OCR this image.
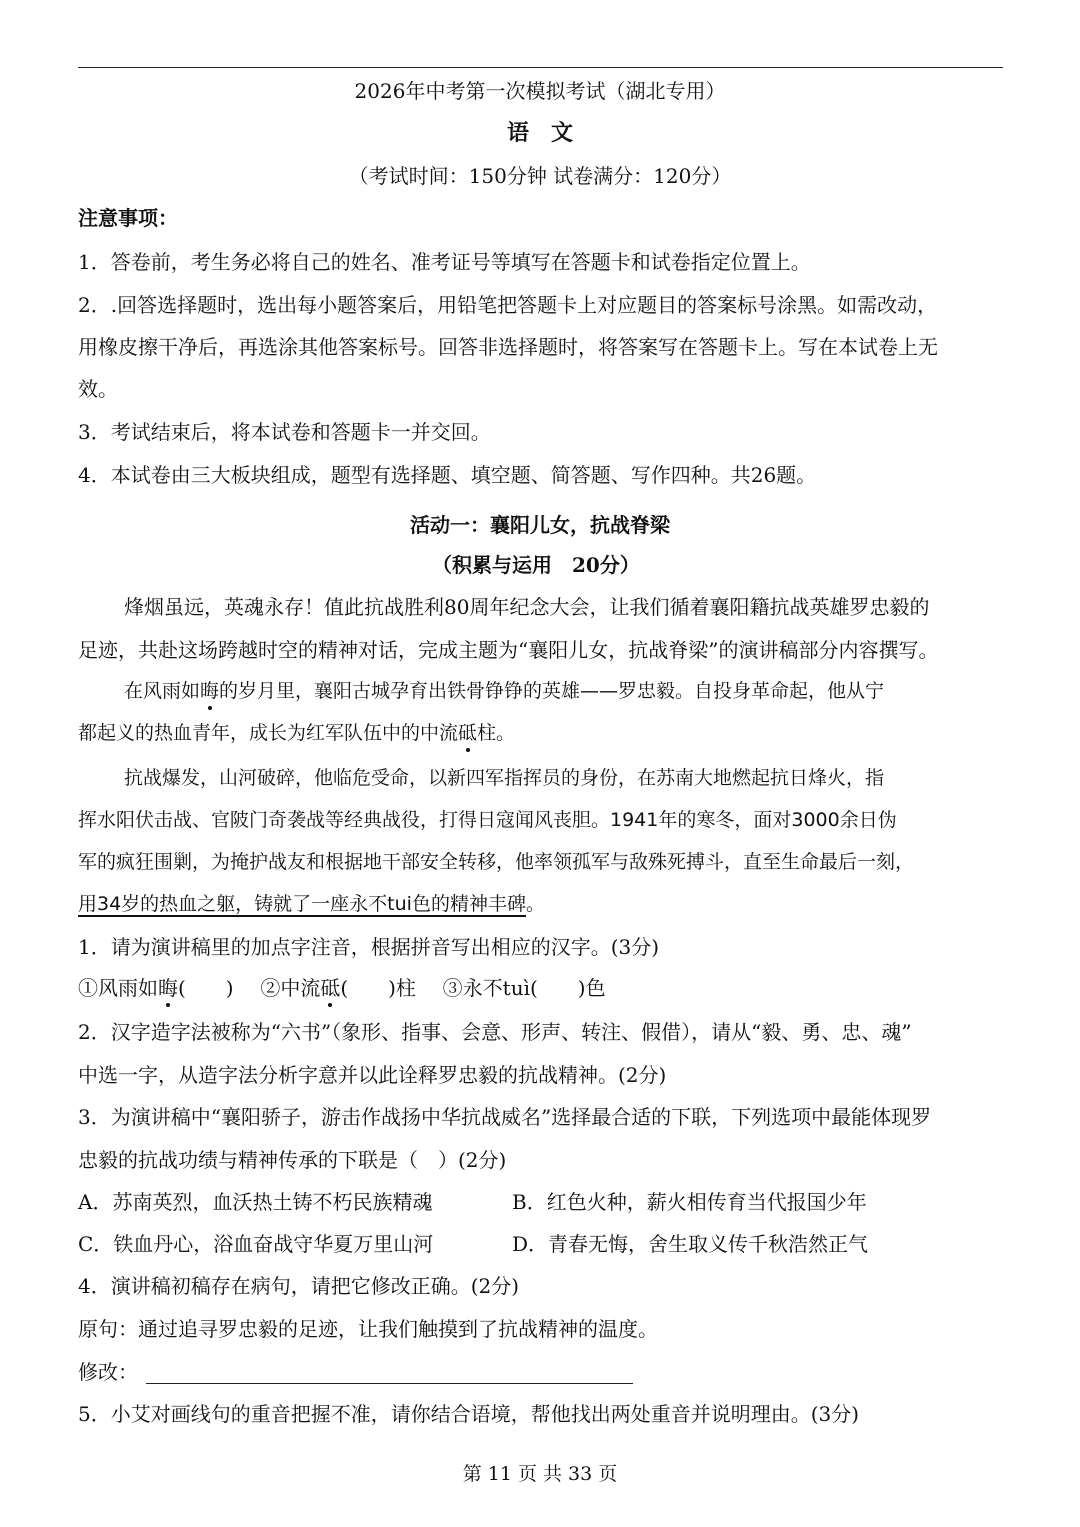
2026年中考第一次模拟考试（湖北专用）
语　文
（考试时间：150分钟 试卷满分：120分）
注意事项：
1．答卷前，考生务必将自己的姓名、准考证号等填写在答题卡和试卷指定位置上。
2．.回答选择题时，选出每小题答案后，用铅笔把答题卡上对应题目的答案标号涂黑。如需改动，
用橡皮擦干净后，再选涂其他答案标号。回答非选择题时，将答案写在答题卡上。写在本试卷上无
效。
3．考试结束后，将本试卷和答题卡一并交回。
4．本试卷由三大板块组成，题型有选择题、填空题、简答题、写作四种。共26题。
活动一：襄阳儿女，抗战脊梁
（积累与运用　20分）
烽烟虽远，英魂永存！值此抗战胜利80周年纪念大会，让我们循着襄阳籍抗战英雄罗忠毅的
足迹，共赴这场跨越时空的精神对话，完成主题为“襄阳儿女，抗战脊梁”的演讲稿部分内容撰写。
在风雨如晦的岁月里，襄阳古城孕育出铁骨铮铮的英雄——罗忠毅。自投身革命起，他从宁
都起义的热血青年，成长为红军队伍中的中流砥柱。
抗战爆发，山河破碎，他临危受命，以新四军指挥员的身份，在苏南大地燃起抗日烽火，指
挥水阳伏击战、官陂门奇袭战等经典战役，打得日寇闻风丧胆。1941年的寒冬，面对3000余日伪
军的疯狂围剿，为掩护战友和根据地干部安全转移，他率领孤军与敌殊死搏斗，直至生命最后一刻，
用34岁的热血之躯，铸就了一座永不tui色的精神丰碑。
1．请为演讲稿里的加点字注音，根据拼音写出相应的汉字。(3分)
①风雨如晦(　　) ②中流砥(　　)柱 ③永不tuì(　　)色
2．汉字造字法被称为“六书”（象形、指事、会意、形声、转注、假借），请从“毅、勇、忠、魂”
中选一字，从造字法分析字意并以此诠释罗忠毅的抗战精神。(2分)
3．为演讲稿中“襄阳骄子，游击作战扬中华抗战威名”选择最合适的下联，下列选项中最能体现罗
忠毅的抗战功绩与精神传承的下联是（　）(2分)
A．苏南英烈，血沃热土铸不朽民族精魂	B．红色火种，薪火相传育当代报国少年
C．铁血丹心，浴血奋战守华夏万里山河	D．青春无悔，舍生取义传千秋浩然正气
4．演讲稿初稿存在病句，请把它修改正确。(2分)
原句：通过追寻罗忠毅的足迹，让我们触摸到了抗战精神的温度。
修改：
5．小艾对画线句的重音把握不准，请你结合语境，帮他找出两处重音并说明理由。(3分)
第 11 页 共 33 页
